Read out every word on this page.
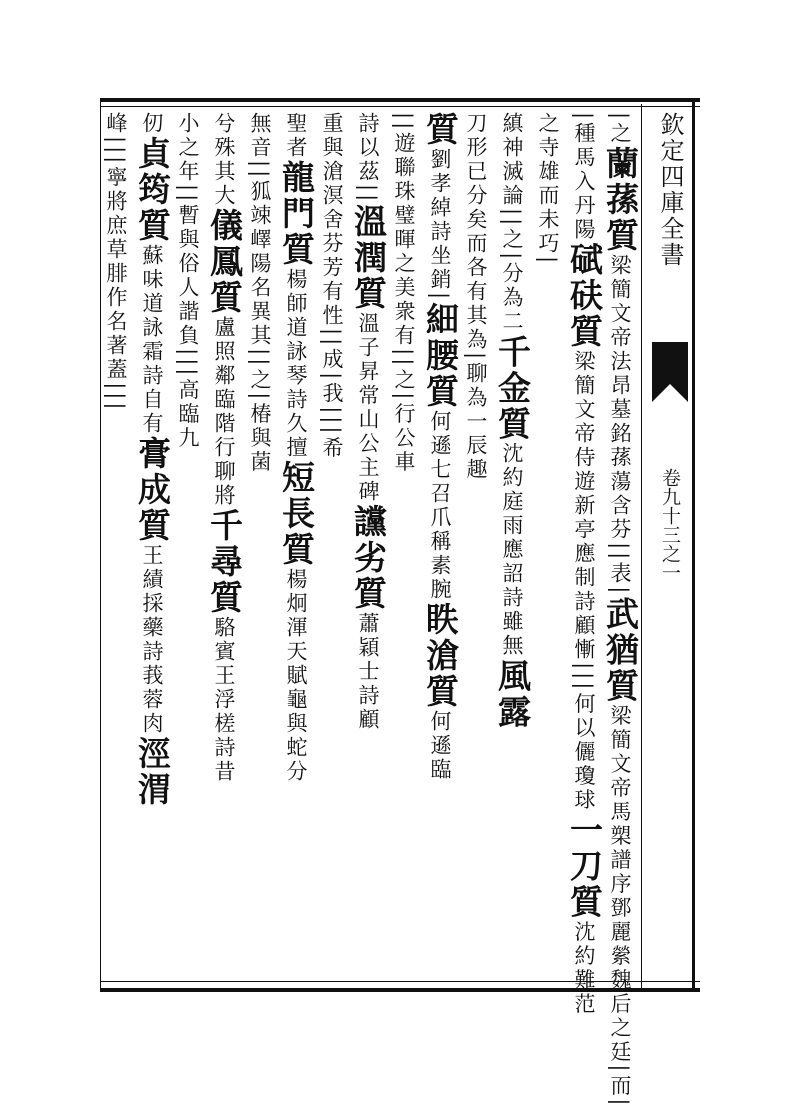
欽定四庫全書
卷九十三之一
|之蘭蓀質梁簡文帝法昂墓銘蓀蕩含芬||表|武猶質梁簡文帝馬槊譜序鄧麗縈魏后之廷|而|
|種馬入丹陽碔砆質梁簡文帝侍遊新亭應制詩顧慚|||何以儷瓊球一刀質沈約難范
之寺雄而未巧|
縝神滅論||之|分為二千金質沈約庭雨應詔詩雖無風露
刀形已分矣而各有其為|聊為一辰趣
質劉孝綽詩坐銷|細腰質何遜七召爪稱素腕眣滄質何遜臨
||遊聯珠璧暉之美衆有||之|行公車
詩以茲||溫潤質溫子昇常山公主碑讜劣質蕭穎士詩顧
重與滄溟舍芬芳有性||成|我|||希
聖者龍門質楊師道詠琴詩久擅短長質楊炯渾天賦龜與蛇分
無音||狐竦嶧陽名異其||之|椿與菌
兮殊其大儀鳳質盧照鄰臨階行聊將千尋質駱賓王浮槎詩昔
小之年||暫與俗人諧負|||高臨九
仞貞筠質蘇味道詠霜詩自有膏成質王績採藥詩莪蓉肉涇渭
峰|||寧將庶草腓作名著蓋|||
